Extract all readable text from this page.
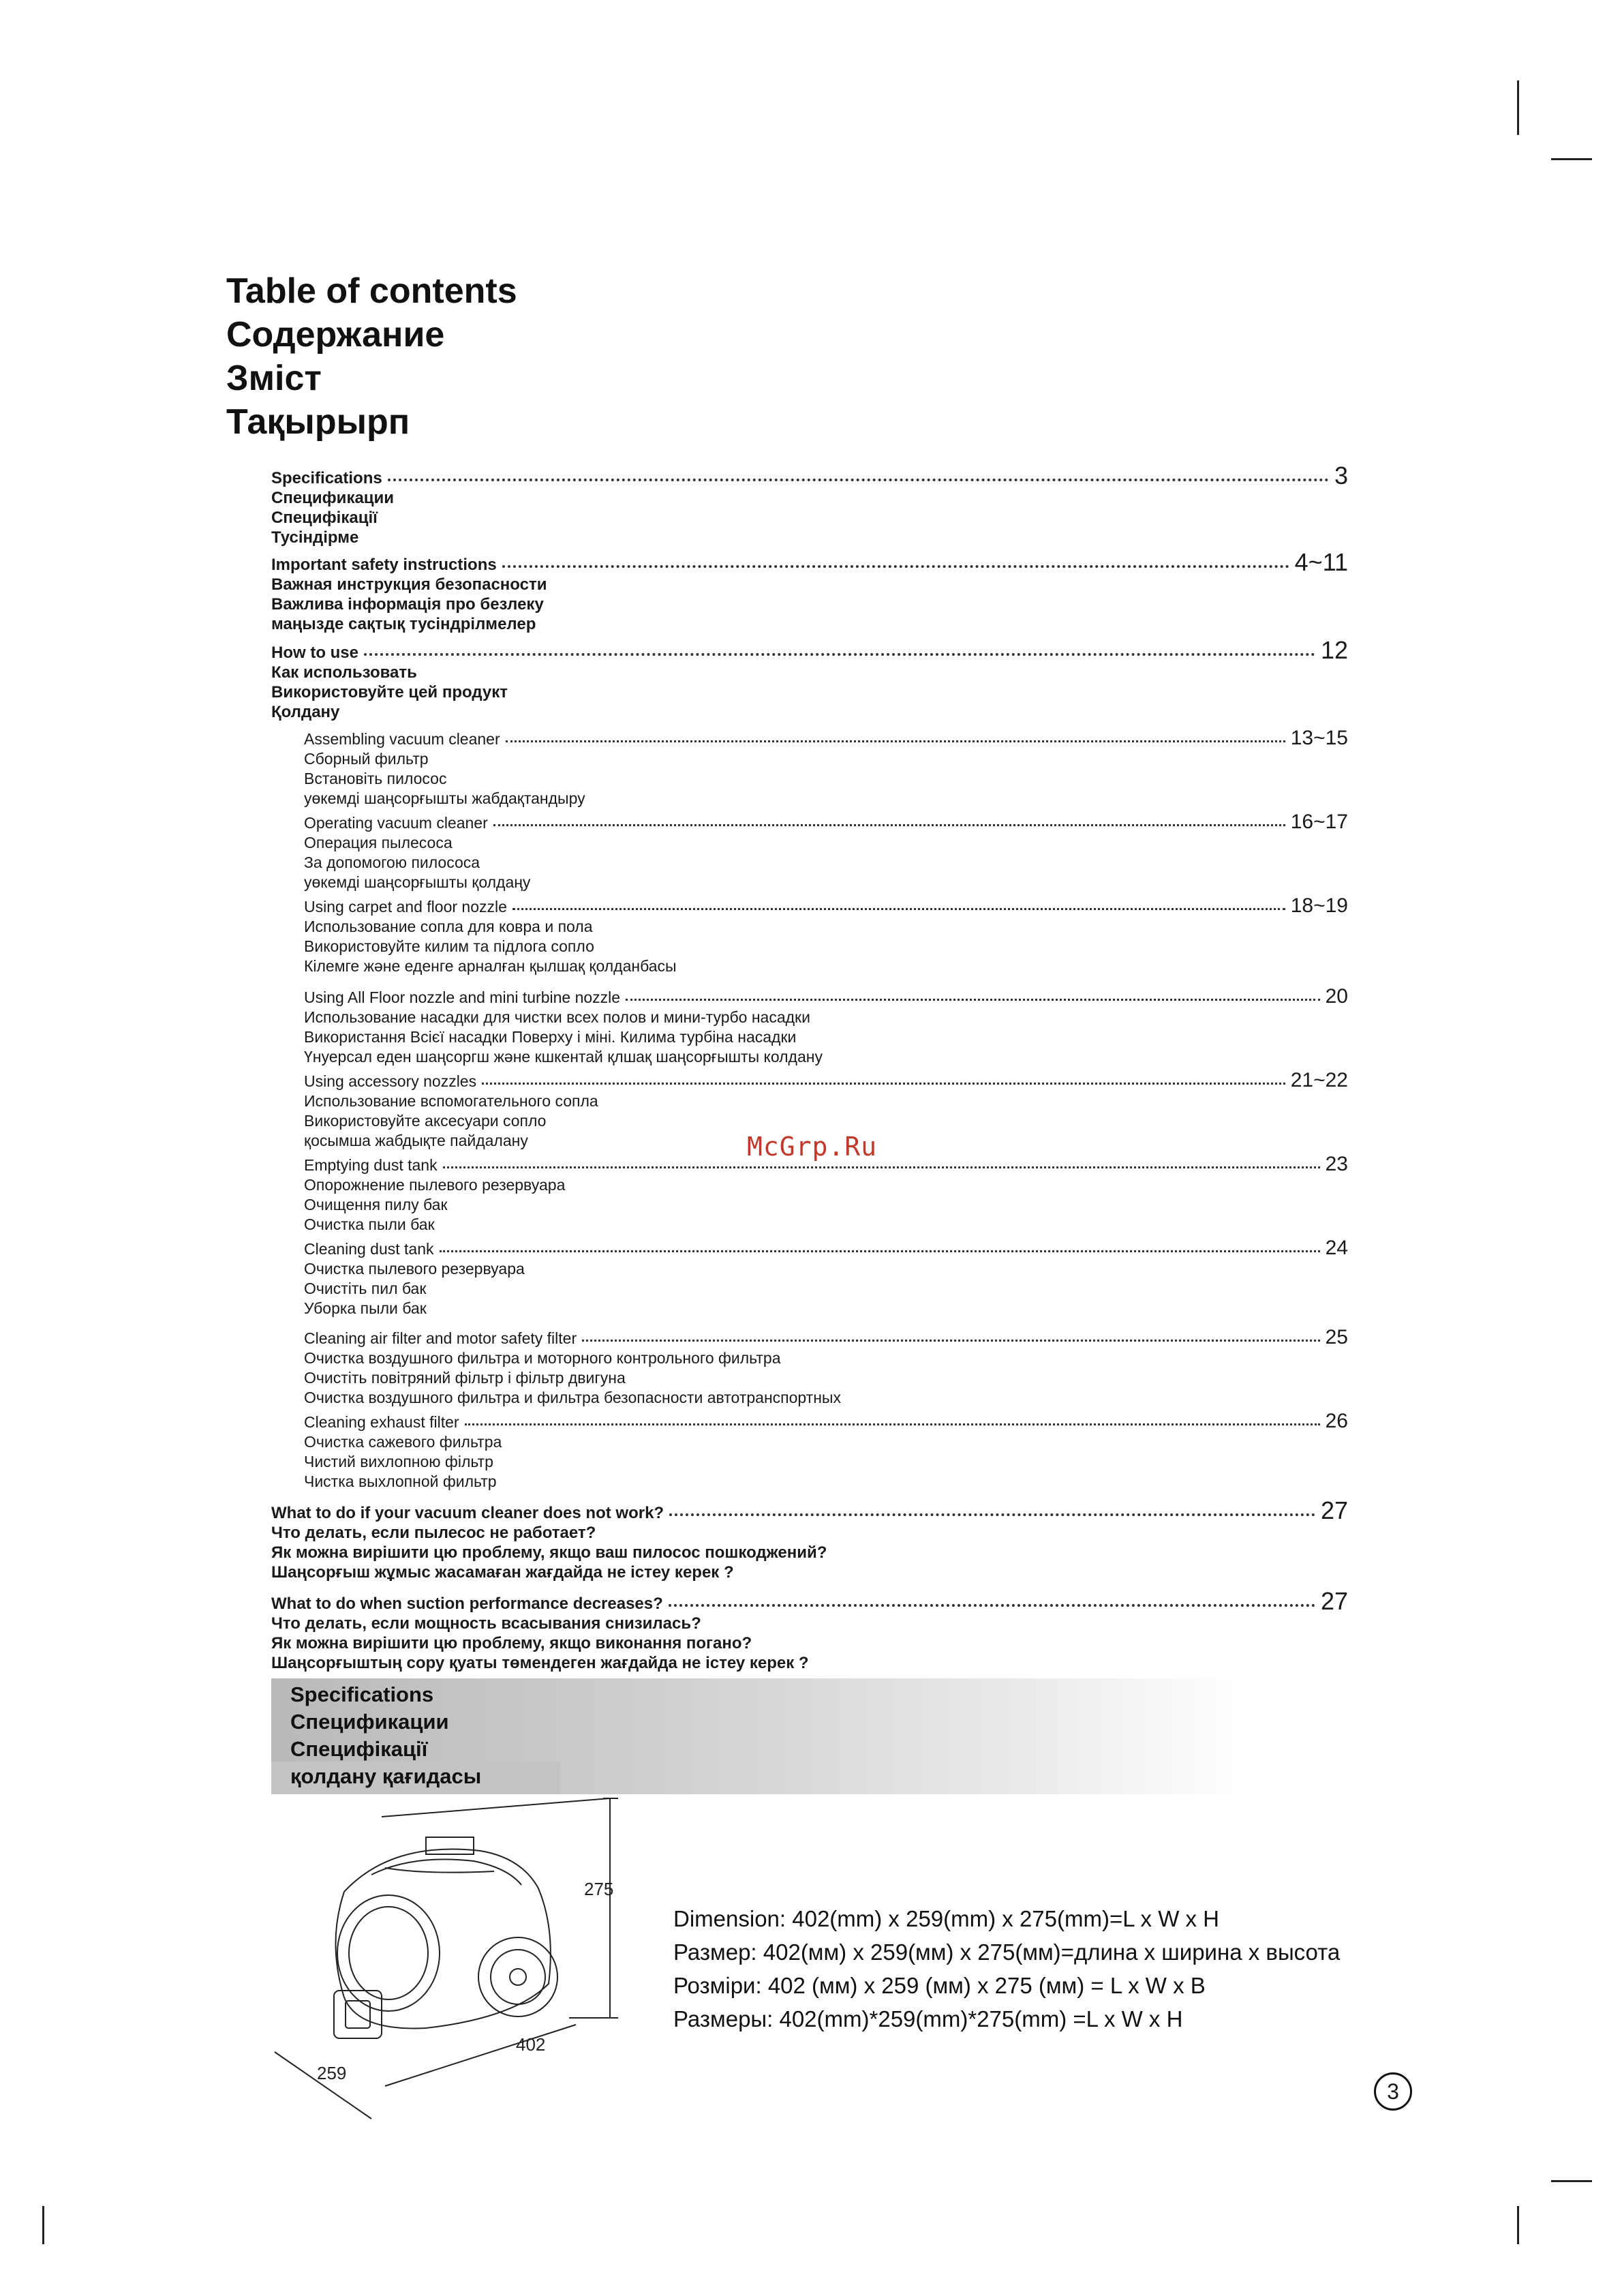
Table of contents
Содержание
Зміст
Тақырырп
Specifications	3
Спецификации
Специфікації
Тусіндірме
Important safety instructions	4~11
Важная инструкция безопасности
Важлива інформація про безлеку
маңызде сақтық тусіндрілмелер
How to use	12
Как использовать
Використовуйте цей продукт
Қолдану
Assembling vacuum cleaner	13~15
Сборный фильтр
Встановіть пилосос
уөкемді шаңсорғышты жабдақтандыру
Operating vacuum cleaner	16~17
Операция пылесоса
За допомогою пилососа
уөкемді шаңсорғышты қолдаңу
Using carpet and floor nozzle	18~19
Использование сопла для ковра и пола
Використовуйте килим та підлога сопло
Кілемге және еденге арналған қылшақ қолданбасы
Using All Floor nozzle and mini turbine nozzle	20
Использование насадки для чистки всех полов и мини-турбо насадки
Використання Всієї насадки Поверху і міні. Килима турбіна насадки
Үнуерсал еден шаңсоргш және кшкентай қлшақ шаңсорғышты колдану
Using accessory nozzles	21~22
Использование вспомогательного сопла
Використовуйте аксесуари сопло
қосымша жабдықте пайдалану
Emptying dust tank	23
Опорожнение пылевого резервуара
Очищення пилу бак
Очистка пыли бак
Cleaning dust tank	24
Очистка пылевого резервуара
Очистіть пил бак
Уборка пыли бак
Cleaning air filter and motor safety filter	25
Очистка воздушного фильтра и моторного контрольного фильтра
Очистіть повітряний фільтр і фільтр двигуна
Очистка воздушного фильтра и фильтра безопасности автотранспортных
Cleaning exhaust filter	26
Очистка сажевого фильтра
Чистий вихлопною фільтр
Чистка выхлопной фильтр
What to do if your vacuum cleaner does not work?	27
Что делать, если пылесос не работает?
Як можна вирішити цю проблему, якщо ваш пилосос пошкоджений?
Шаңсорғыш жұмыс жасамаған жағдайда не істеу керек ?
What to do when suction performance decreases?	27
Что делать, если мощность всасывания снизилась?
Як можна вирішити цю проблему, якщо виконання погано?
Шаңсорғыштың сору қуаты төмендеген жағдайда не істеу керек ?
McGrp.Ru
Specifications
Спецификации
Специфікації
қолдану қағидасы
275
402
259
Dimension: 402(mm) x 259(mm) x 275(mm)=L x W x H
Размер: 402(мм) x 259(мм) x 275(мм)=длина x ширина x высота
Розміри: 402 (мм) x 259 (мм) x 275 (мм) = L x W x B
Размеры: 402(mm)*259(mm)*275(mm) =L x W x H
3
